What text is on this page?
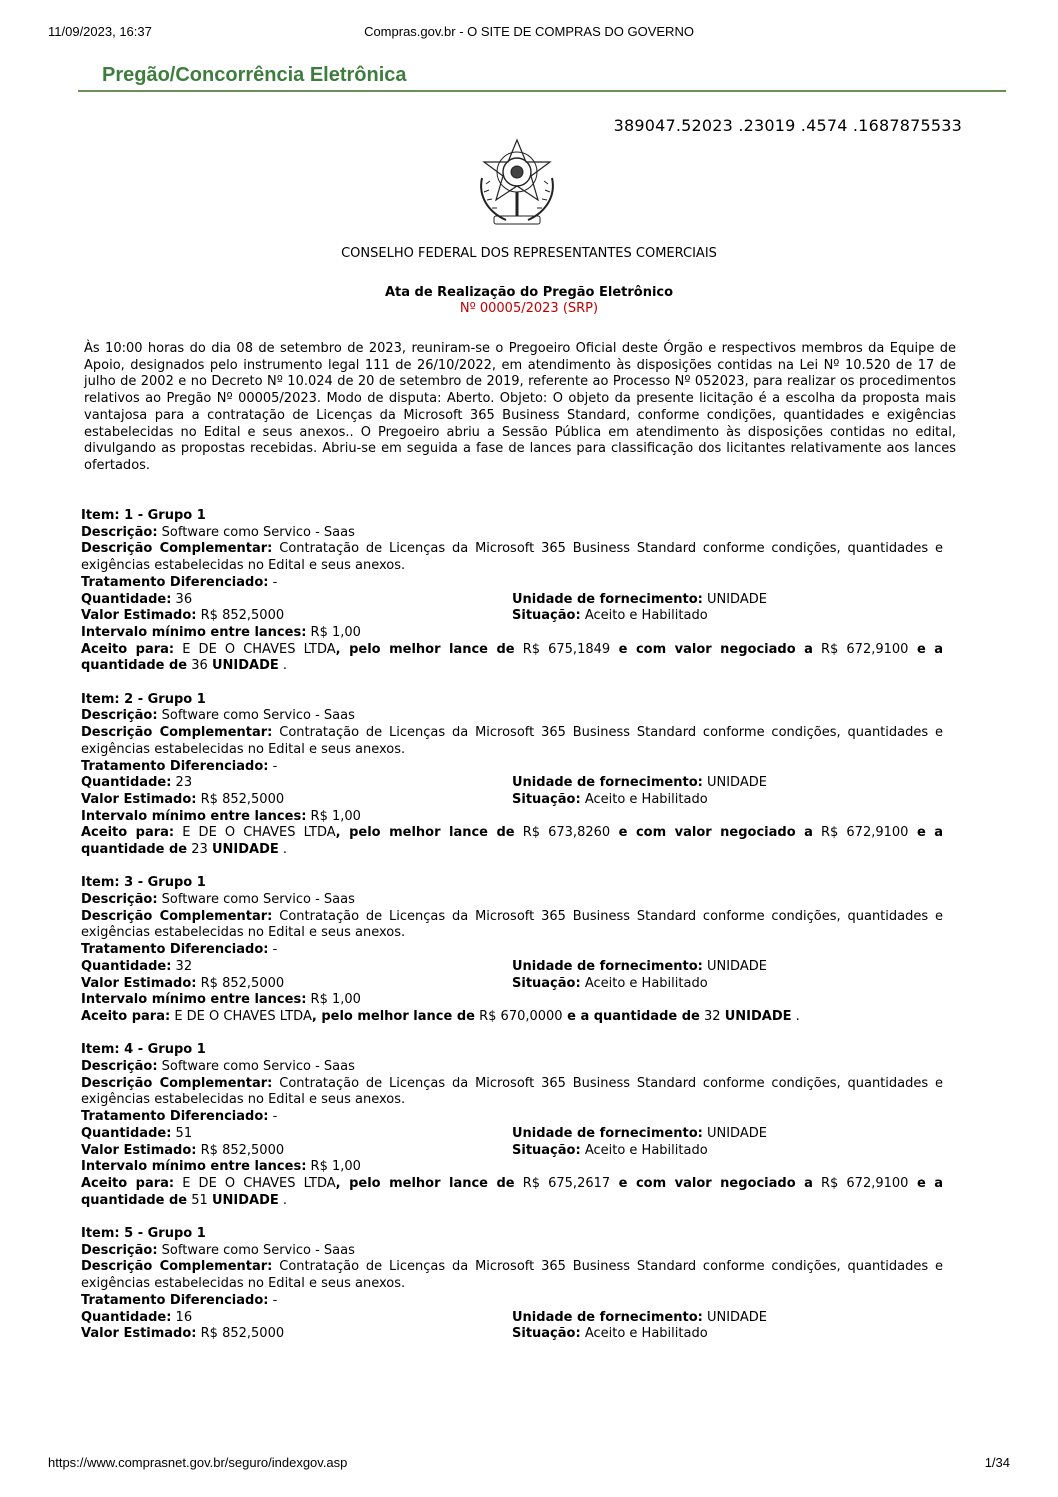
11/09/2023, 16:37	Compras.gov.br - O SITE DE COMPRAS DO GOVERNO
Pregão/Concorrência Eletrônica
389047.52023 .23019 .4574 .1687875533
CONSELHO FEDERAL DOS REPRESENTANTES COMERCIAIS
Ata de Realização do Pregão Eletrônico
Nº 00005/2023 (SRP)

Às 10:00 horas do dia 08 de setembro de 2023, reuniram-se o Pregoeiro Oficial deste Órgão e respectivos membros da Equipe de Apoio, designados pelo instrumento legal 111 de 26/10/2022, em atendimento às disposições contidas na Lei Nº 10.520 de 17 de julho de 2002 e no Decreto Nº 10.024 de 20 de setembro de 2019, referente ao Processo Nº 052023, para realizar os procedimentos relativos ao Pregão Nº 00005/2023. Modo de disputa: Aberto. Objeto: O objeto da presente licitação é a escolha da proposta mais vantajosa para a contratação de Licenças da Microsoft 365 Business Standard, conforme condições, quantidades e exigências estabelecidas no Edital e seus anexos.. O Pregoeiro abriu a Sessão Pública em atendimento às disposições contidas no edital, divulgando as propostas recebidas. Abriu-se em seguida a fase de lances para classificação dos licitantes relativamente aos lances ofertados.

Item: 1 - Grupo 1
Descrição: Software como Servico - Saas
Descrição Complementar: Contratação de Licenças da Microsoft 365 Business Standard conforme condições, quantidades e exigências estabelecidas no Edital e seus anexos.
Tratamento Diferenciado: -
Quantidade: 36	Unidade de fornecimento: UNIDADE
Valor Estimado: R$ 852,5000	Situação: Aceito e Habilitado
Intervalo mínimo entre lances: R$ 1,00
Aceito para: E DE O CHAVES LTDA, pelo melhor lance de R$ 675,1849 e com valor negociado a R$ 672,9100 e a quantidade de 36 UNIDADE .
Item: 2 - Grupo 1
Descrição: Software como Servico - Saas
Descrição Complementar: Contratação de Licenças da Microsoft 365 Business Standard conforme condições, quantidades e exigências estabelecidas no Edital e seus anexos.
Tratamento Diferenciado: -
Quantidade: 23	Unidade de fornecimento: UNIDADE
Valor Estimado: R$ 852,5000	Situação: Aceito e Habilitado
Intervalo mínimo entre lances: R$ 1,00
Aceito para: E DE O CHAVES LTDA, pelo melhor lance de R$ 673,8260 e com valor negociado a R$ 672,9100 e a quantidade de 23 UNIDADE .
Item: 3 - Grupo 1
Descrição: Software como Servico - Saas
Descrição Complementar: Contratação de Licenças da Microsoft 365 Business Standard conforme condições, quantidades e exigências estabelecidas no Edital e seus anexos.
Tratamento Diferenciado: -
Quantidade: 32	Unidade de fornecimento: UNIDADE
Valor Estimado: R$ 852,5000	Situação: Aceito e Habilitado
Intervalo mínimo entre lances: R$ 1,00
Aceito para: E DE O CHAVES LTDA, pelo melhor lance de R$ 670,0000 e a quantidade de 32 UNIDADE .
Item: 4 - Grupo 1
Descrição: Software como Servico - Saas
Descrição Complementar: Contratação de Licenças da Microsoft 365 Business Standard conforme condições, quantidades e exigências estabelecidas no Edital e seus anexos.
Tratamento Diferenciado: -
Quantidade: 51	Unidade de fornecimento: UNIDADE
Valor Estimado: R$ 852,5000	Situação: Aceito e Habilitado
Intervalo mínimo entre lances: R$ 1,00
Aceito para: E DE O CHAVES LTDA, pelo melhor lance de R$ 675,2617 e com valor negociado a R$ 672,9100 e a quantidade de 51 UNIDADE .
Item: 5 - Grupo 1
Descrição: Software como Servico - Saas
Descrição Complementar: Contratação de Licenças da Microsoft 365 Business Standard conforme condições, quantidades e exigências estabelecidas no Edital e seus anexos.
Tratamento Diferenciado: -
Quantidade: 16	Unidade de fornecimento: UNIDADE
Valor Estimado: R$ 852,5000	Situação: Aceito e Habilitado
https://www.comprasnet.gov.br/seguro/indexgov.asp	1/34
